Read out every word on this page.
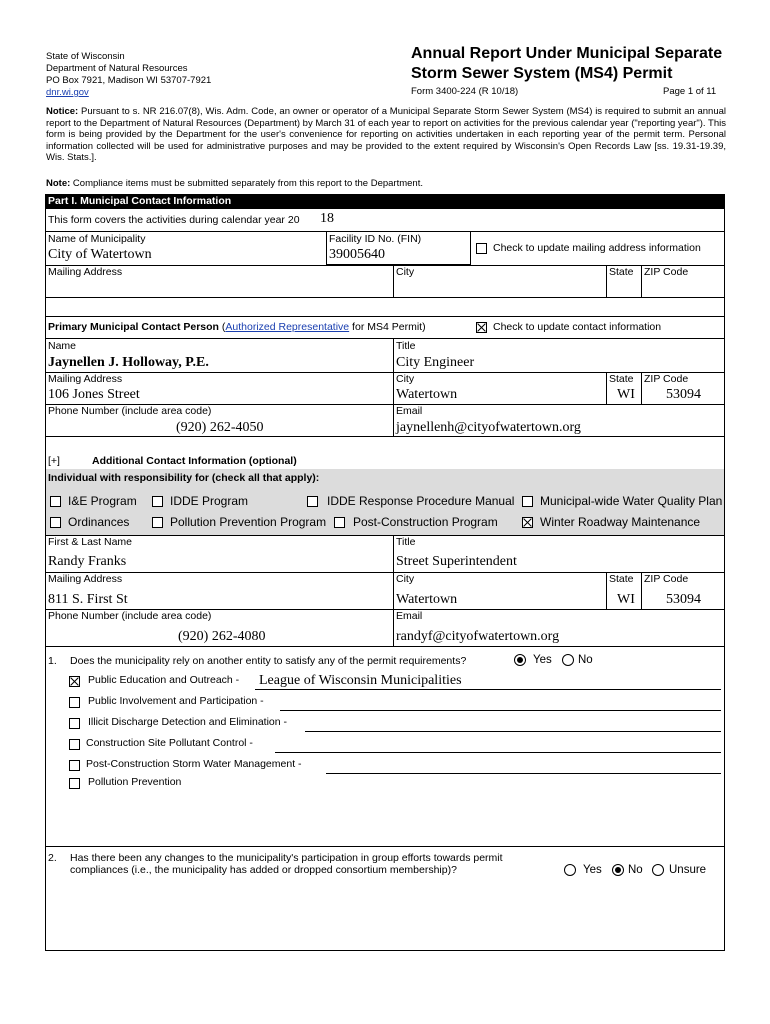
State of Wisconsin
Department of Natural Resources
PO Box 7921, Madison WI 53707-7921
dnr.wi.gov
Annual Report Under Municipal Separate
Storm Sewer System (MS4) Permit
Form 3400-224 (R 10/18)	Page 1 of 11
Notice: Pursuant to s. NR 216.07(8), Wis. Adm. Code, an owner or operator of a Municipal Separate Storm Sewer System (MS4) is required to submit an annual report to the Department of Natural Resources (Department) by March 31 of each year to report on activities for the previous calendar year ("reporting year"). This form is being provided by the Department for the user's convenience for reporting on activities undertaken in each reporting year of the permit term. Personal information collected will be used for administrative purposes and may be provided to the extent required by Wisconsin's Open Records Law [ss. 19.31-19.39, Wis. Stats.].
Note: Compliance items must be submitted separately from this report to the Department.
Part I. Municipal Contact Information
This form covers the activities during calendar year 20 18
Name of Municipality
City of Watertown
Facility ID No. (FIN)
39005640	Check to update mailing address information
Mailing Address	City	State ZIP Code
Primary Municipal Contact Person (Authorized Representative for MS4 Permit)	Check to update contact information
Name
Jaynellen J. Holloway, P.E.
Title
City Engineer
Mailing Address
106 Jones Street
City
Watertown
State
WI
ZIP Code
53094
Phone Number (include area code)
(920) 262-4050
Email
jaynellenh@cityofwatertown.org
[+]	Additional Contact Information (optional)
Individual with responsibility for (check all that apply):
I&E Program	IDDE Program	IDDE Response Procedure Manual Municipal-wide Water Quality Plan
Ordinances	Pollution Prevention Program Post-Construction Program	Winter Roadway Maintenance
First & Last Name
Randy Franks
Title
Street Superintendent
Mailing Address
811 S. First St
City
Watertown
State
WI
ZIP Code
53094
Phone Number (include area code)
(920) 262-4080
Email
randyf@cityofwatertown.org
1. Does the municipality rely on another entity to satisfy any of the permit requirements?	Yes No
Public Education and Outreach - League of Wisconsin Municipalities
Public Involvement and Participation -
Illicit Discharge Detection and Elimination -
Construction Site Pollutant Control -
Post-Construction Storm Water Management -
Pollution Prevention
2. Has there been any changes to the municipality's participation in group efforts towards permit
compliances (i.e., the municipality has added or dropped consortium membership)?	Yes No Unsure
